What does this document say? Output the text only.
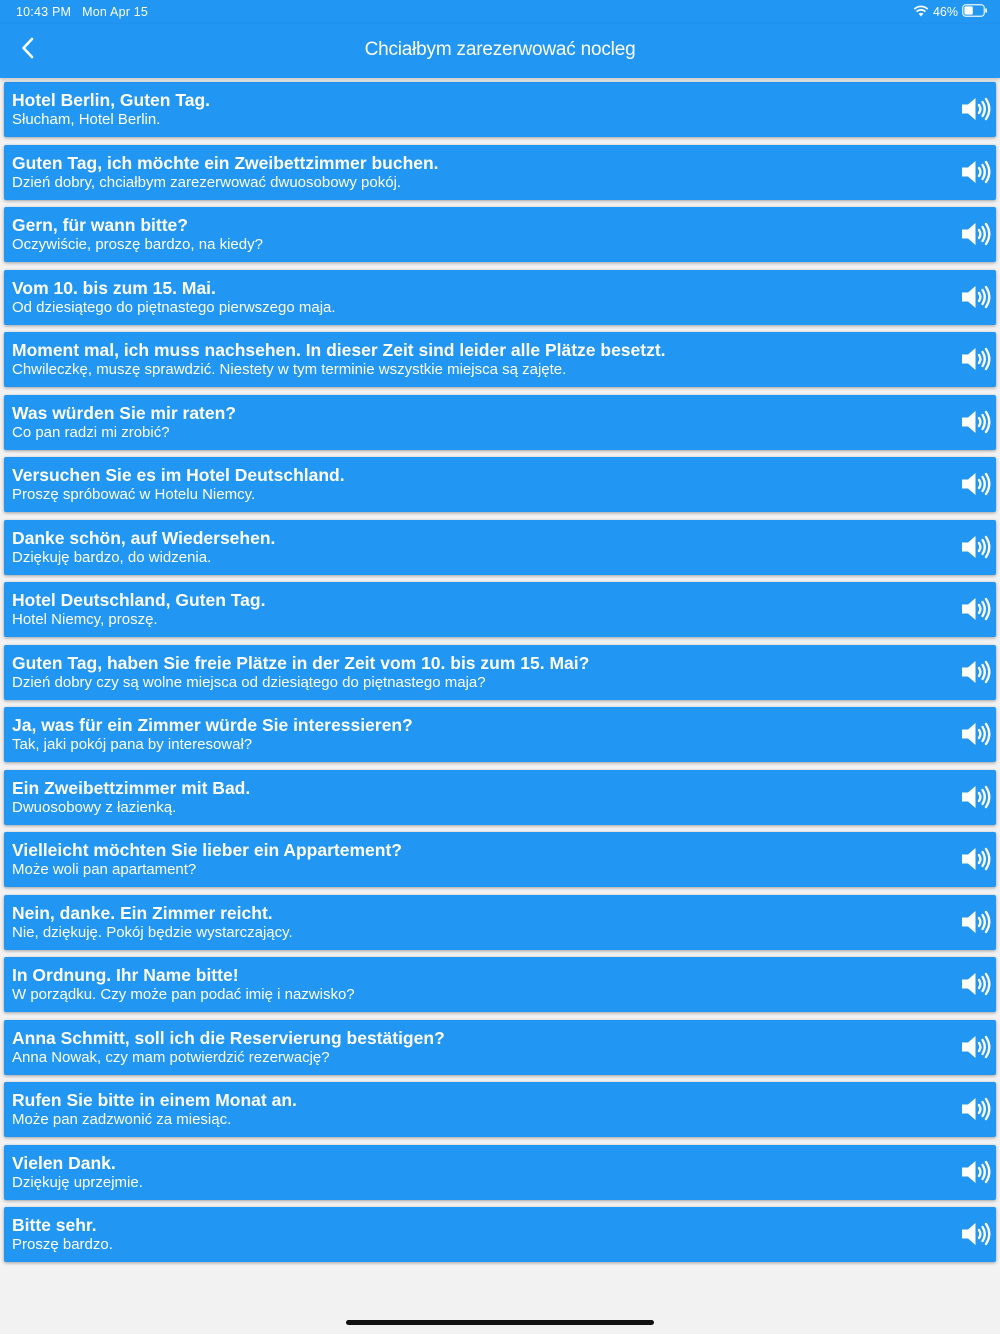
10:43 PM Mon Apr 15	46%
Chciałbym zarezerwować nocleg
Hotel Berlin, Guten Tag.
Słucham, Hotel Berlin.
Guten Tag, ich möchte ein Zweibettzimmer buchen.
Dzień dobry, chciałbym zarezerwować dwuosobowy pokój.
Gern, für wann bitte?
Oczywiście, proszę bardzo, na kiedy?
Vom 10. bis zum 15. Mai.
Od dziesiątego do piętnastego pierwszego maja.
Moment mal, ich muss nachsehen. In dieser Zeit sind leider alle Plätze besetzt.
Chwileczkę, muszę sprawdzić. Niestety w tym terminie wszystkie miejsca są zajęte.
Was würden Sie mir raten?
Co pan radzi mi zrobić?
Versuchen Sie es im Hotel Deutschland.
Proszę spróbować w Hotelu Niemcy.
Danke schön, auf Wiedersehen.
Dziękuję bardzo, do widzenia.
Hotel Deutschland, Guten Tag.
Hotel Niemcy, proszę.
Guten Tag, haben Sie freie Plätze in der Zeit vom 10. bis zum 15. Mai?
Dzień dobry czy są wolne miejsca od dziesiątego do piętnastego maja?
Ja, was für ein Zimmer würde Sie interessieren?
Tak, jaki pokój pana by interesował?
Ein Zweibettzimmer mit Bad.
Dwuosobowy z łazienką.
Vielleicht möchten Sie lieber ein Appartement?
Może woli pan apartament?
Nein, danke. Ein Zimmer reicht.
Nie, dziękuję. Pokój będzie wystarczający.
In Ordnung. Ihr Name bitte!
W porządku. Czy może pan podać imię i nazwisko?
Anna Schmitt, soll ich die Reservierung bestätigen?
Anna Nowak, czy mam potwierdzić rezerwację?
Rufen Sie bitte in einem Monat an.
Może pan zadzwonić za miesiąc.
Vielen Dank.
Dziękuję uprzejmie.
Bitte sehr.
Proszę bardzo.
